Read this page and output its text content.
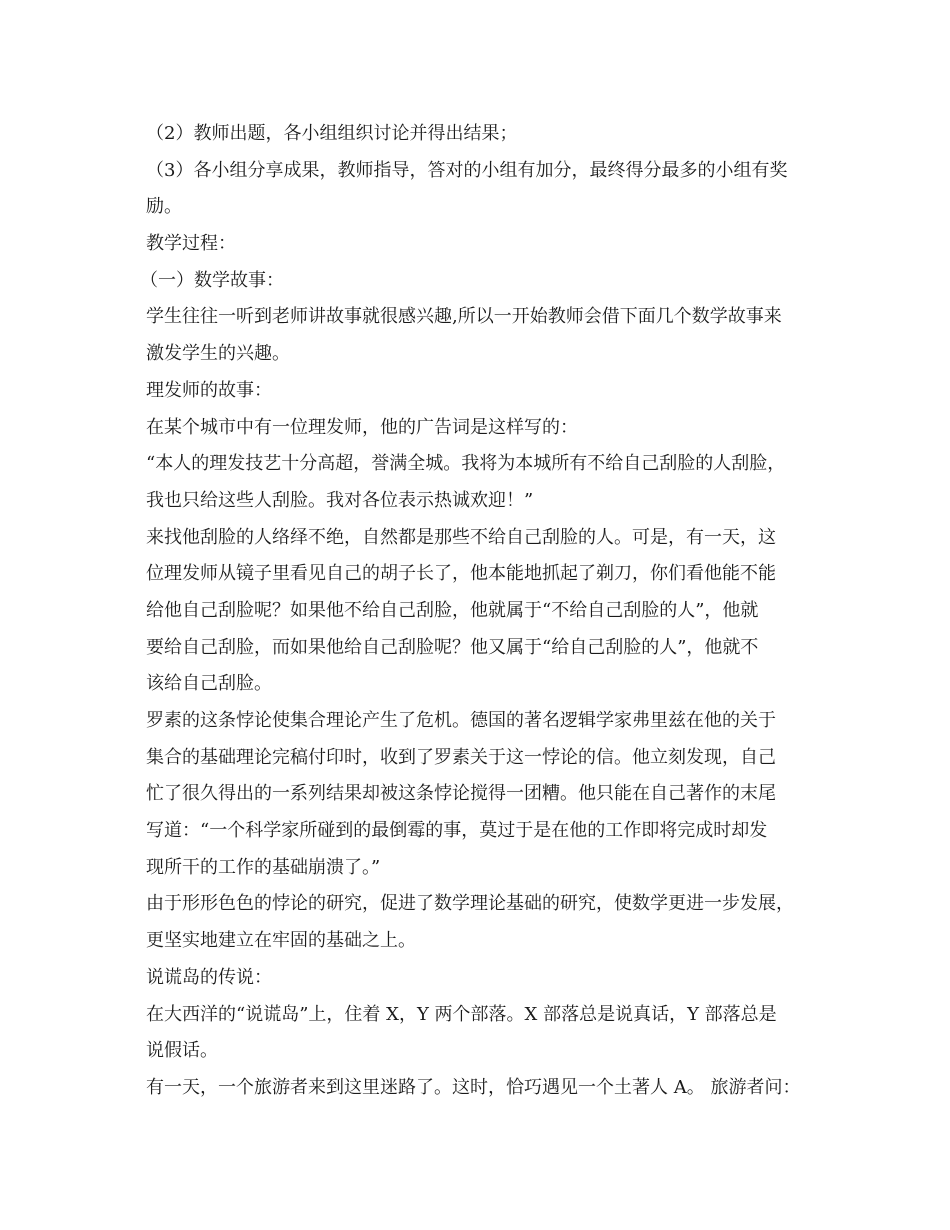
（2）教师出题，各小组组织讨论并得出结果；
（3）各小组分享成果，教师指导，答对的小组有加分，最终得分最多的小组有奖
励。
教学过程：
（一）数学故事：
学生往往一听到老师讲故事就很感兴趣,所以一开始教师会借下面几个数学故事来
激发学生的兴趣。
理发师的故事：
在某个城市中有一位理发师，他的广告词是这样写的：
“本人的理发技艺十分高超，誉满全城。我将为本城所有不给自己刮脸的人刮脸，
我也只给这些人刮脸。我对各位表示热诚欢迎！”
来找他刮脸的人络绎不绝，自然都是那些不给自己刮脸的人。可是，有一天，这
位理发师从镜子里看见自己的胡子长了，他本能地抓起了剃刀，你们看他能不能
给他自己刮脸呢？如果他不给自己刮脸，他就属于“不给自己刮脸的人”，他就
要给自己刮脸，而如果他给自己刮脸呢？他又属于“给自己刮脸的人”，他就不
该给自己刮脸。
罗素的这条悖论使集合理论产生了危机。德国的著名逻辑学家弗里兹在他的关于
集合的基础理论完稿付印时，收到了罗素关于这一悖论的信。他立刻发现，自己
忙了很久得出的一系列结果却被这条悖论搅得一团糟。他只能在自己著作的末尾
写道：“一个科学家所碰到的最倒霉的事，莫过于是在他的工作即将完成时却发
现所干的工作的基础崩溃了。”
由于形形色色的悖论的研究，促进了数学理论基础的研究，使数学更进一步发展，
更坚实地建立在牢固的基础之上。
说谎岛的传说：
在大西洋的“说谎岛”上，住着 X，Y 两个部落。X 部落总是说真话，Y 部落总是
说假话。
有一天，一个旅游者来到这里迷路了。这时，恰巧遇见一个土著人 A。 旅游者问：
